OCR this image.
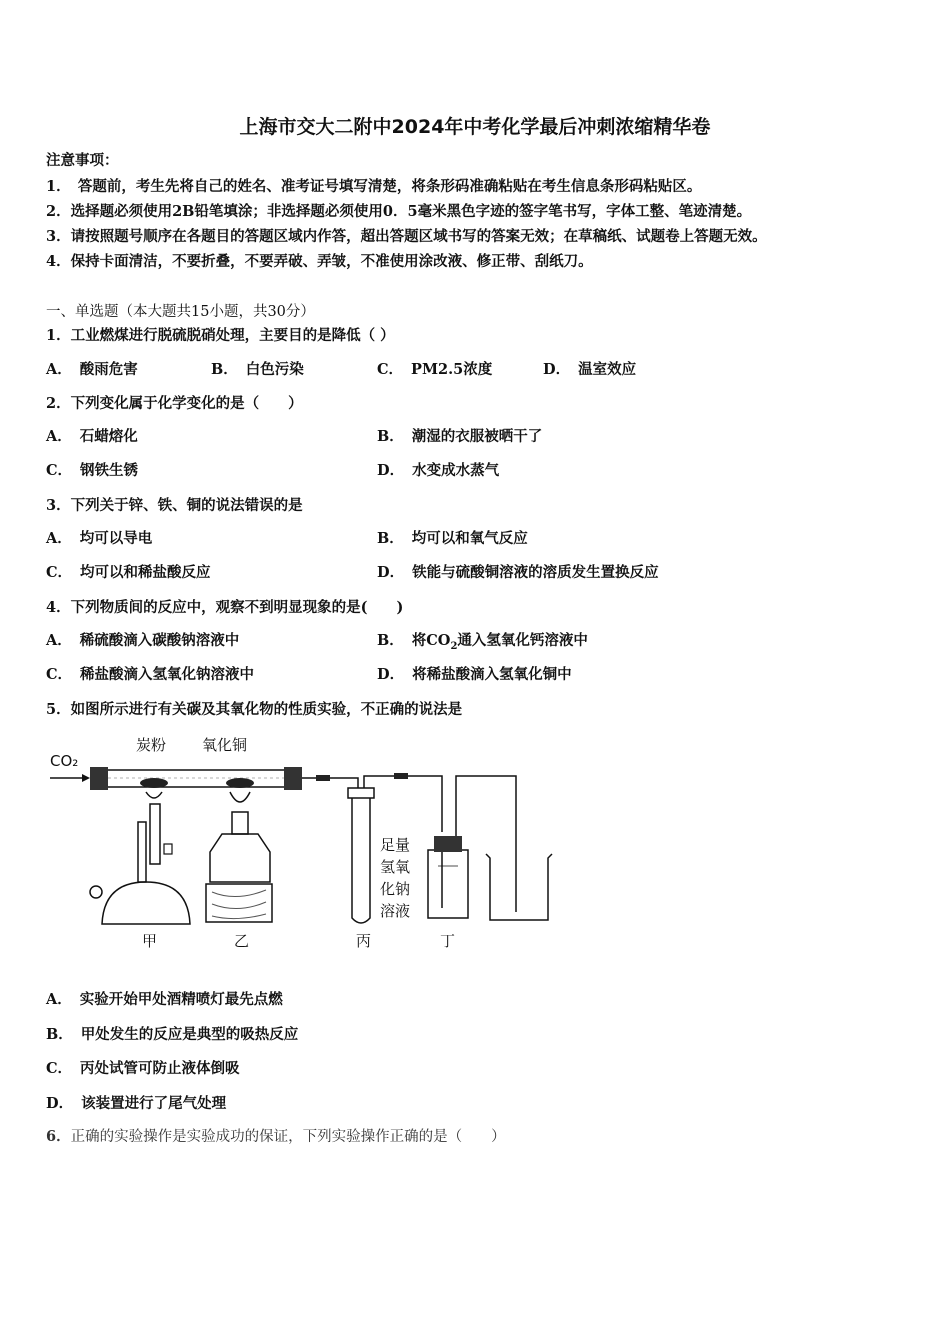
上海市交大二附中2024年中考化学最后冲刺浓缩精华卷
注意事项：
1．　答题前，考生先将自己的姓名、准考证号填写清楚，将条形码准确粘贴在考生信息条形码粘贴区。
2．选择题必须使用2B铅笔填涂；非选择题必须使用0．5毫米黑色字迹的签字笔书写，字体工整、笔迹清楚。
3．请按照题号顺序在各题目的答题区域内作答，超出答题区域书写的答案无效；在草稿纸、试题卷上答题无效。
4．保持卡面清洁，不要折叠，不要弄破、弄皱，不准使用涂改液、修正带、刮纸刀。
一、单选题（本大题共15小题，共30分）
1．工业燃煤进行脱硫脱硝处理，主要目的是降低（ ）
A． 酸雨危害	B． 白色污染	C． PM2.5浓度	D． 温室效应
2．下列变化属于化学变化的是（　　）
A． 石蜡熔化	B． 潮湿的衣服被晒干了
C． 钢铁生锈	D． 水变成水蒸气
3．下列关于锌、铁、铜的说法错误的是
A． 均可以导电	B． 均可以和氧气反应
C． 均可以和稀盐酸反应	D． 铁能与硫酸铜溶液的溶质发生置换反应
4．下列物质间的反应中，观察不到明显现象的是(　　)
A． 稀硫酸滴入碳酸钠溶液中	B． 将$CO_2$通入氢氧化钙溶液中
C． 稀盐酸滴入氢氧化钠溶液中	D． 将稀盐酸滴入氢氧化铜中
5．如图所示进行有关碳及其氧化物的性质实验，不正确的说法是
CO₂
炭粉 氧化铜
甲	乙	丙
足量
氢氧
化钠
溶液
丁
A． 实验开始甲处酒精喷灯最先点燃
B． 甲处发生的反应是典型的吸热反应
C． 丙处试管可防止液体倒吸
D． 该装置进行了尾气处理
6．正确的实验操作是实验成功的保证，下列实验操作正确的是（　　）
